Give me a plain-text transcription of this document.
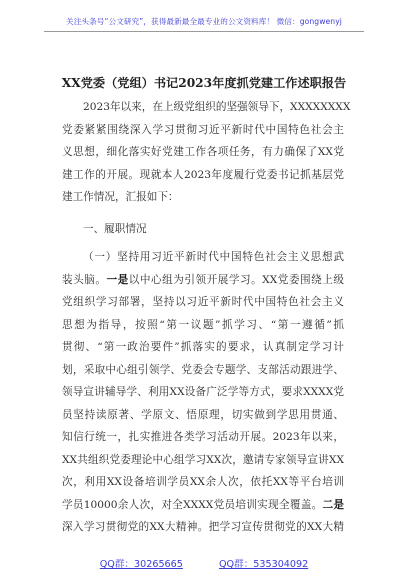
关注头条号“公文研究”，获得最新最全最专业的公文资料库！ 微信：gongwenyj
XX党委（党组）书记2023年度抓党建工作述职报告
2023年以来，在上级党组织的坚强领导下，XXXXXXXX
党委紧紧围绕深入学习贯彻习近平新时代中国特色社会主
义思想，细化落实好党建工作各项任务，有力确保了XX党
建工作的开展。现就本人2023年度履行党委书记抓基层党
建工作情况，汇报如下：
一、履职情况
（一）坚持用习近平新时代中国特色社会主义思想武
装头脑。一是以中心组为引领开展学习。XX党委围绕上级
党组织学习部署，坚持以习近平新时代中国特色社会主义
思想为指导，按照“第一议题”抓学习、“第一遵循”抓
贯彻、“第一政治要件”抓落实的要求，认真制定学习计
划，采取中心组引领学、党委会专题学、支部活动跟进学、
领导宣讲辅导学、利用XX设备广泛学等方式，要求XXXX党
员坚持读原著、学原文、悟原理，切实做到学思用贯通、
知信行统一，扎实推进各类学习活动开展。2023年以来，
XX共组织党委理论中心组学习XX次，邀请专家领导宣讲XX
次，利用XX设备培训学员XX余人次，依托XX等平台培训
学员10000余人次，对全XXXX党员培训实现全覆盖。二是
深入学习贯彻党的XX大精神。把学习宣传贯彻党的XX大精
QQ群：30265665	QQ群：535304092
